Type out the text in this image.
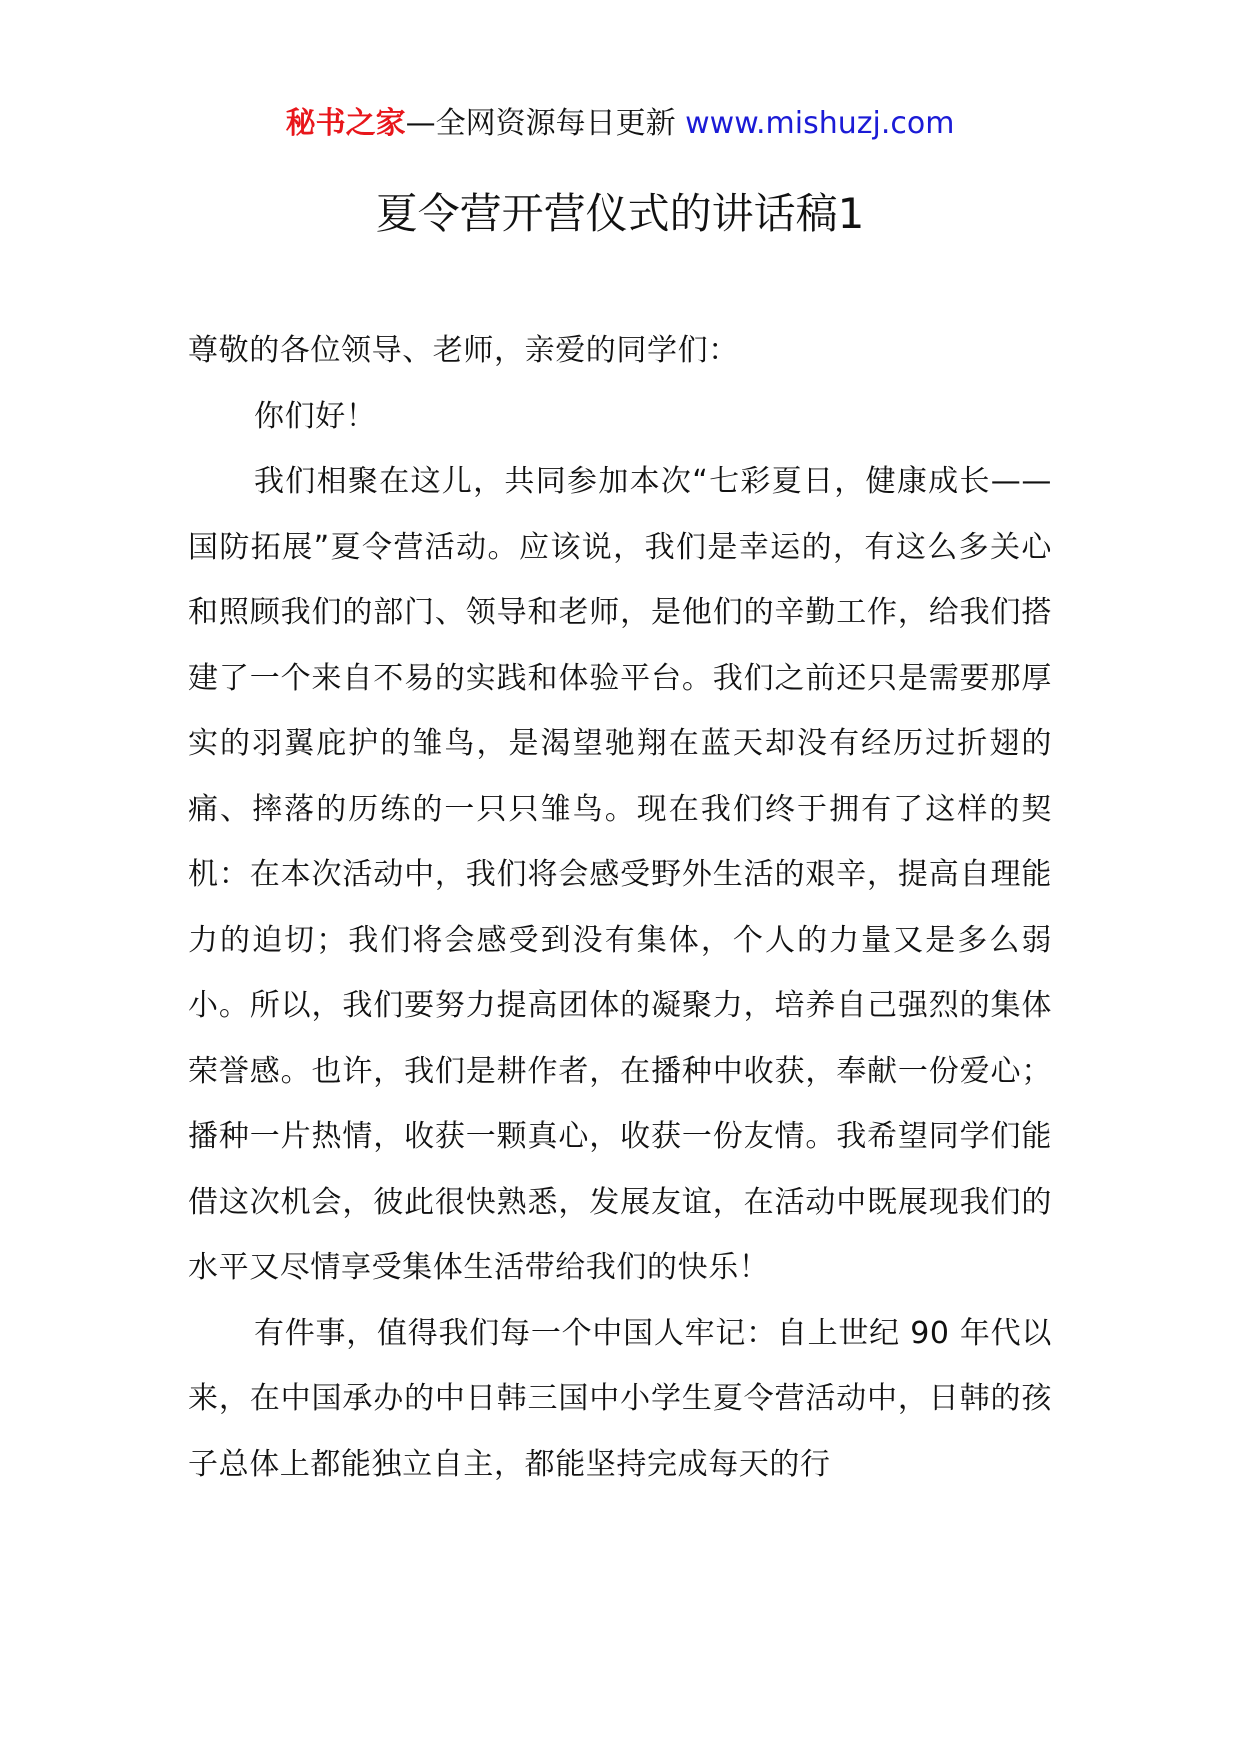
秘书之家—全网资源每日更新 www.mishuzj.com
夏令营开营仪式的讲话稿1

尊敬的各位领导、老师，亲爱的同学们：

你们好！

我们相聚在这儿，共同参加本次“七彩夏日，健康成长——国防拓展”夏令营活动。应该说，我们是幸运的，有这么多关心和照顾我们的部门、领导和老师，是他们的辛勤工作，给我们搭建了一个来自不易的实践和体验平台。我们之前还只是需要那厚实的羽翼庇护的雏鸟，是渴望驰翔在蓝天却没有经历过折翅的痛、摔落的历练的一只只雏鸟。现在我们终于拥有了这样的契机：在本次活动中，我们将会感受野外生活的艰辛，提高自理能力的迫切；我们将会感受到没有集体，个人的力量又是多么弱小。所以，我们要努力提高团体的凝聚力，培养自己强烈的集体荣誉感。也许，我们是耕作者，在播种中收获，奉献一份爱心；播种一片热情，收获一颗真心，收获一份友情。我希望同学们能借这次机会，彼此很快熟悉，发展友谊，在活动中既展现我们的水平又尽情享受集体生活带给我们的快乐！

有件事，值得我们每一个中国人牢记：自上世纪 90 年代以来，在中国承办的中日韩三国中小学生夏令营活动中，日韩的孩子总体上都能独立自主，都能坚持完成每天的行
